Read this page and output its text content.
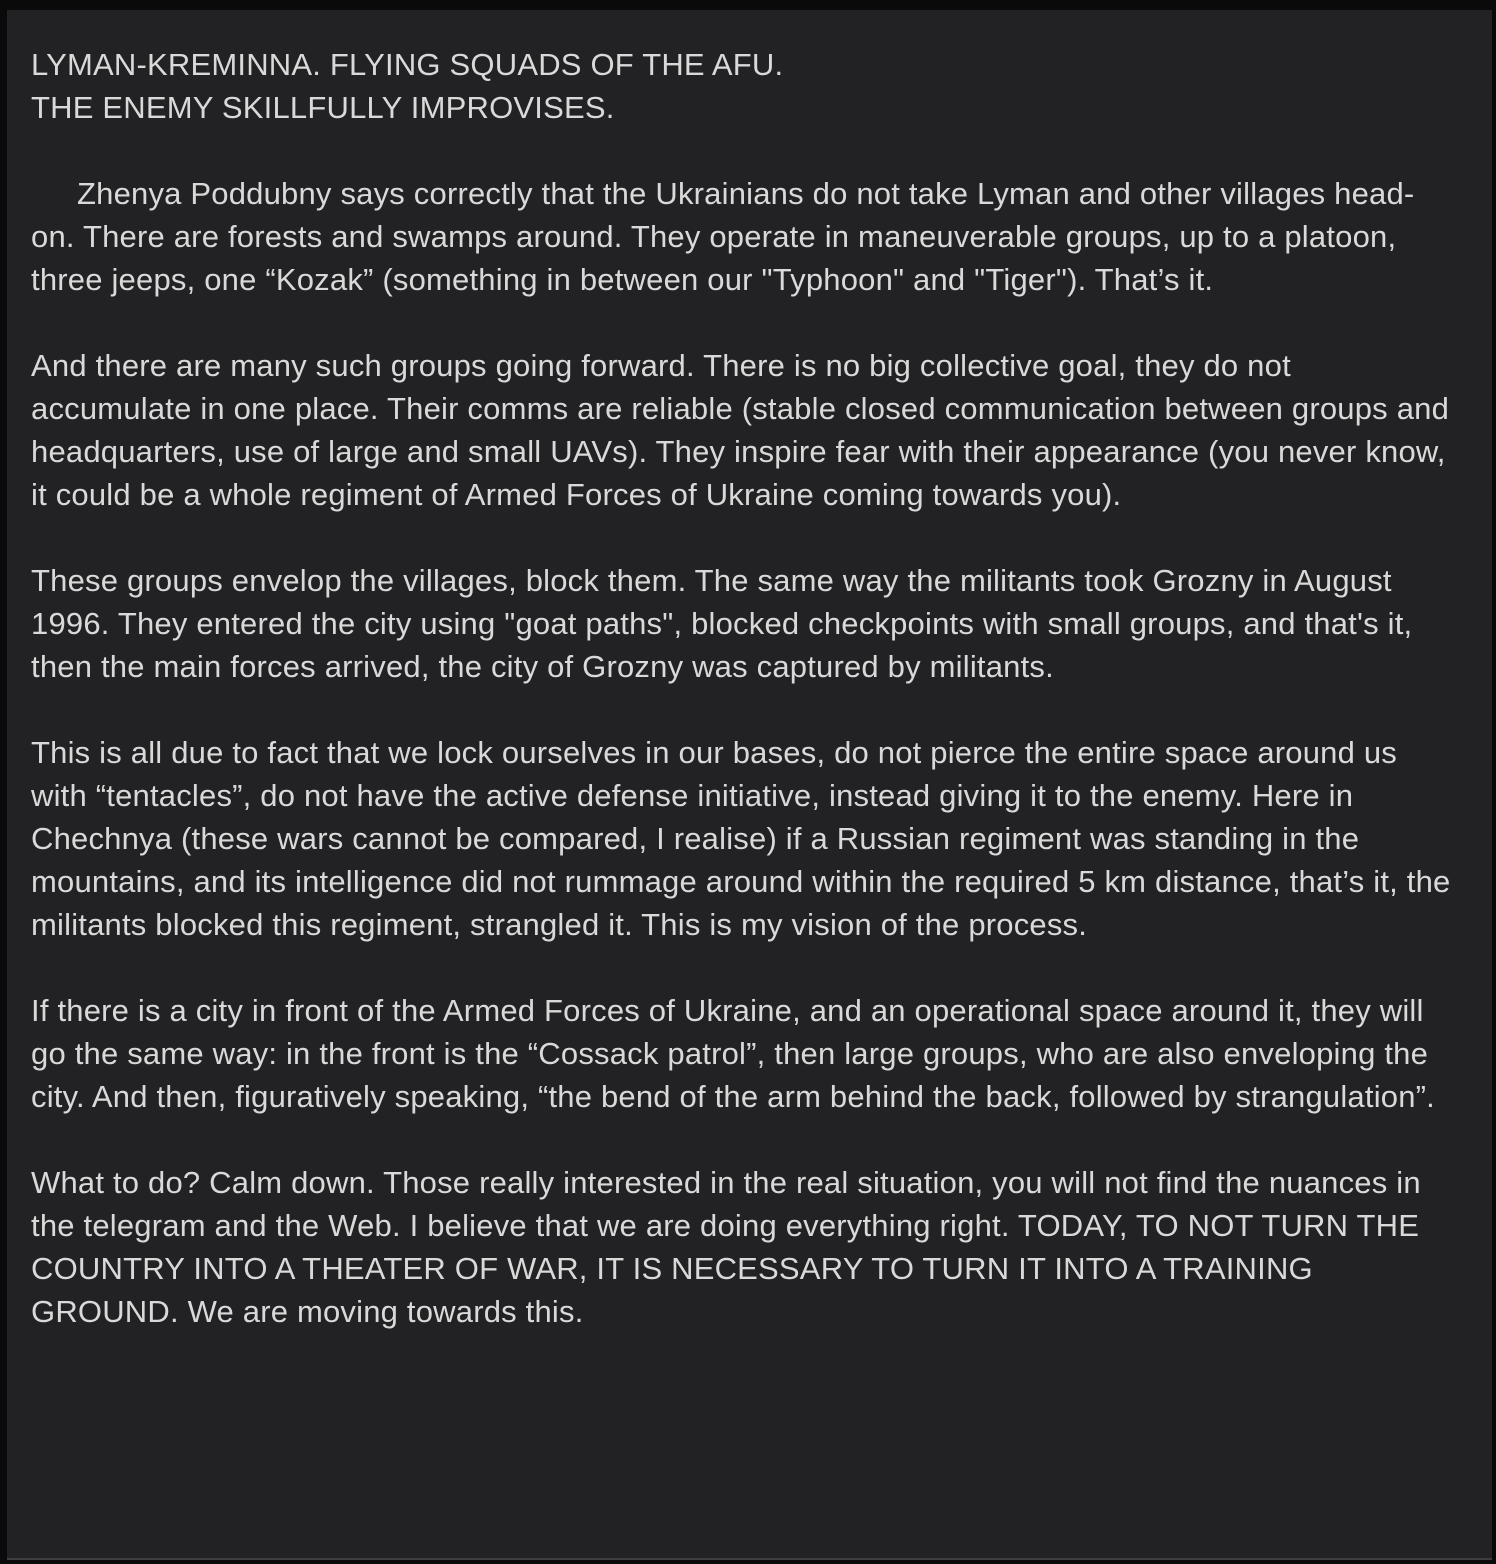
LYMAN-KREMINNA. FLYING SQUADS OF THE AFU.

THE ENEMY SKILLFULLY IMPROVISES.

Zhenya Poddubny says correctly that the Ukrainians do not take Lyman and other villages head-on. There are forests and swamps around. They operate in maneuverable groups, up to a platoon, three jeeps, one “Kozak” (something in between our "Typhoon" and "Tiger"). That’s it.

And there are many such groups going forward. There is no big collective goal, they do not accumulate in one place. Their comms are reliable (stable closed communication between groups and headquarters, use of large and small UAVs). They inspire fear with their appearance (you never know, it could be a whole regiment of Armed Forces of Ukraine coming towards you).

These groups envelop the villages, block them. The same way the militants took Grozny in August 1996. They entered the city using "goat paths", blocked checkpoints with small groups, and that's it, then the main forces arrived, the city of Grozny was captured by militants.

This is all due to fact that we lock ourselves in our bases, do not pierce the entire space around us with “tentacles”, do not have the active defense initiative, instead giving it to the enemy. Here in Chechnya (these wars cannot be compared, I realise) if a Russian regiment was standing in the mountains, and its intelligence did not rummage around within the required 5 km distance, that’s it, the militants blocked this regiment, strangled it. This is my vision of the process.

If there is a city in front of the Armed Forces of Ukraine, and an operational space around it, they will go the same way: in the front is the “Cossack patrol”, then large groups, who are also enveloping the city. And then, figuratively speaking, “the bend of the arm behind the back, followed by strangulation”.

What to do? Calm down. Those really interested in the real situation, you will not find the nuances in the telegram and the Web. I believe that we are doing everything right. TODAY, TO NOT TURN THE COUNTRY INTO A THEATER OF WAR, IT IS NECESSARY TO TURN IT INTO A TRAINING GROUND. We are moving towards this.
